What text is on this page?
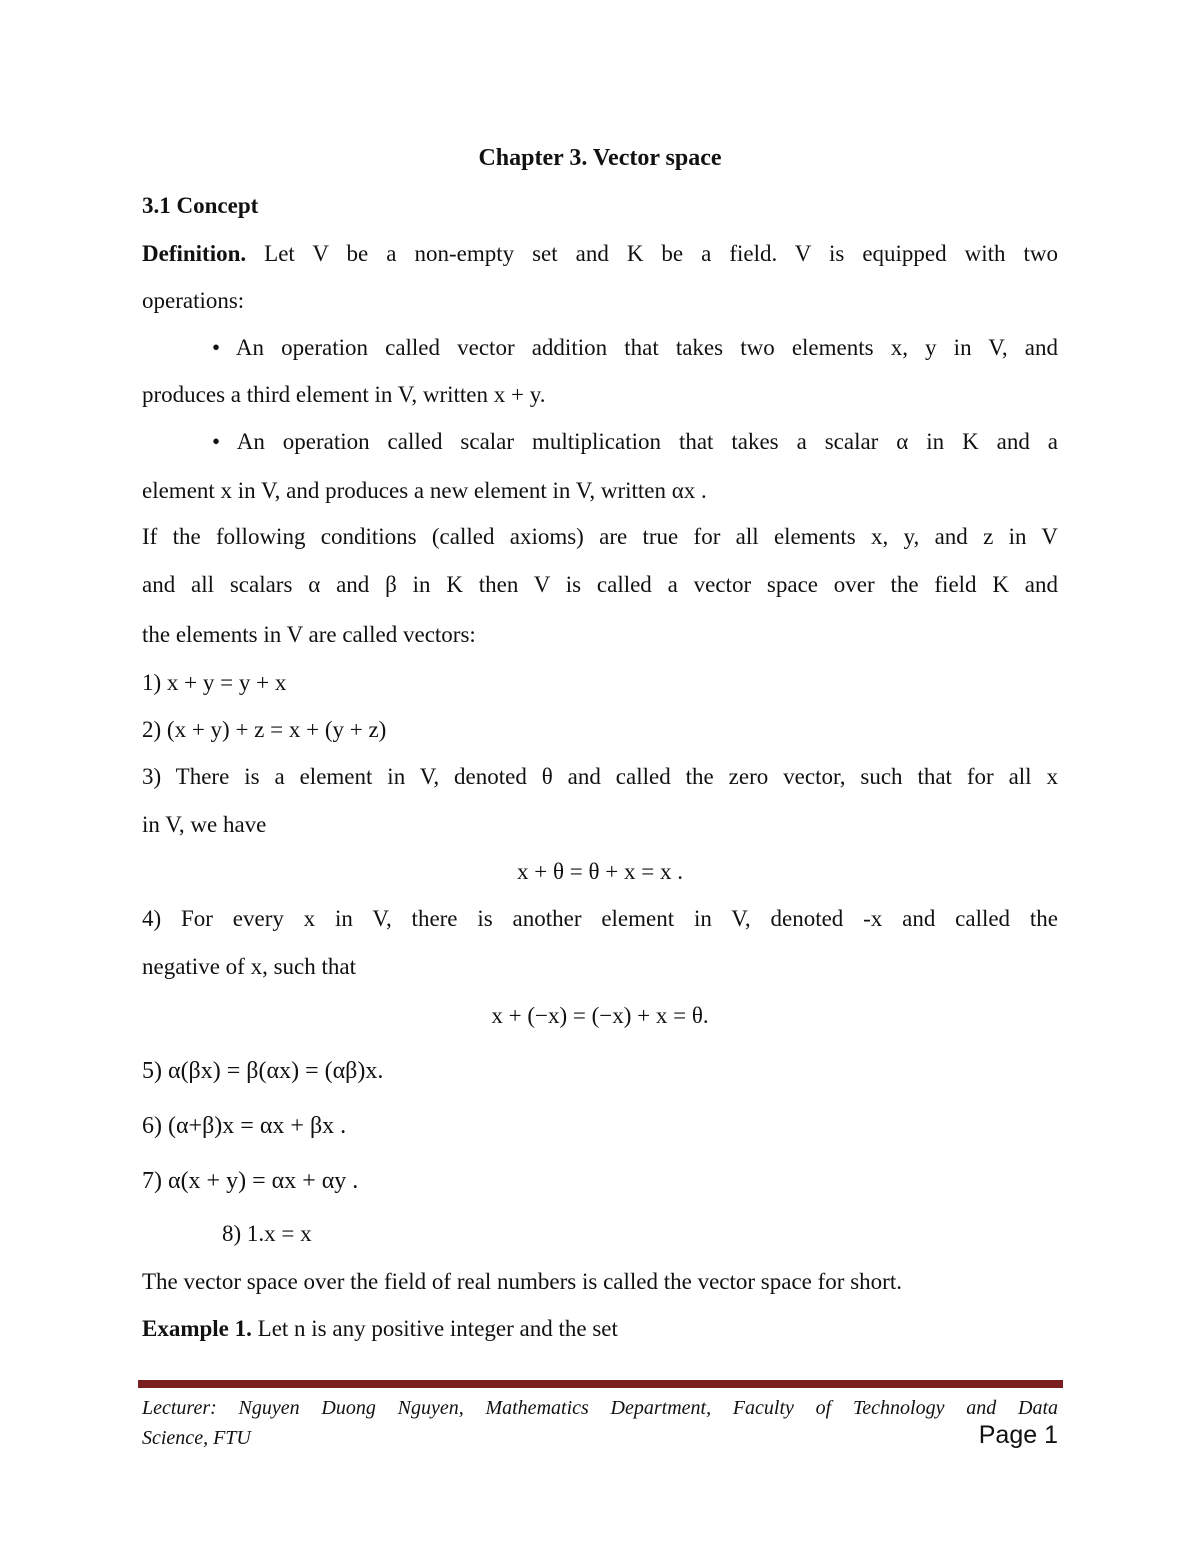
Chapter 3. Vector space
3.1 Concept
Definition. Let V be a non-empty set and K be a field. V is equipped with two
operations:
• An operation called vector addition that takes two elements x, y in V, and
produces a third element in V, written x + y.
• An operation called scalar multiplication that takes a scalar α in K and a
element x in V, and produces a new element in V, written αx .
If the following conditions (called axioms) are true for all elements x, y, and z in V
and all scalars α and β in K then V is called a vector space over the field K and
the elements in V are called vectors:
1) x + y = y + x
2) (x + y) + z = x + (y + z)
3) There is a element in V, denoted θ and called the zero vector, such that for all x
in V, we have
x + θ = θ + x = x .
4) For every x in V, there is another element in V, denoted -x and called the
negative of x, such that
x + (−x) = (−x) + x = θ.
5) α(βx) = β(αx) = (αβ)x.
6) (α+β)x = αx + βx .
7) α(x + y) = αx + αy .
8) 1.x = x
The vector space over the field of real numbers is called the vector space for short.
Example 1. Let n is any positive integer and the set
Lecturer: Nguyen Duong Nguyen, Mathematics Department, Faculty of Technology and Data
Science, FTU	Page 1
